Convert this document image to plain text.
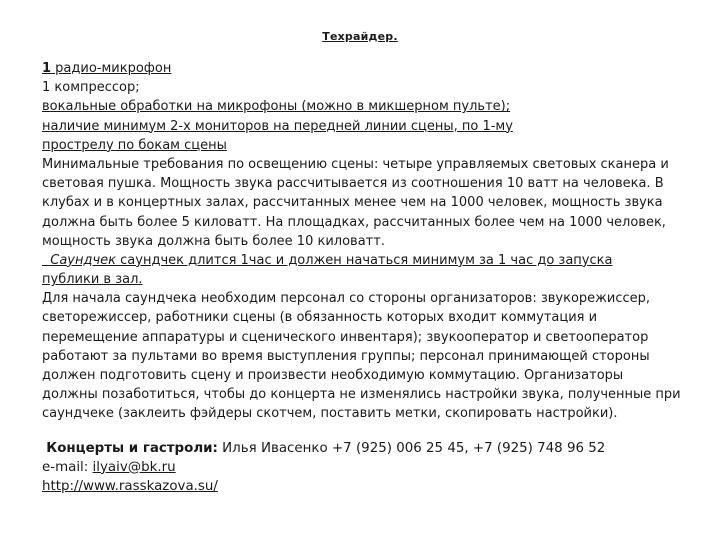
Техрайдер.
1 радио-микрофон
1 компрессор;
вокальные обработки на микрофоны (можно в микшерном пульте);
наличие минимум 2-х мониторов на передней линии сцены, по 1-му
прострелу по бокам сцены
Минимальные требования по освещению сцены: четыре управляемых световых сканера и
световая пушка. Мощность звука рассчитывается из соотношения 10 ватт на человека. В
клубах и в концертных залах, рассчитанных менее чем на 1000 человек, мощность звука
должна быть более 5 киловатт. На площадках, рассчитанных более чем на 1000 человек,
мощность звука должна быть более 10 киловатт.
Саундчек саундчек длится 1час и должен начаться минимум за 1 час до запуска
публики в зал.
Для начала саундчека необходим персонал со стороны организаторов: звукорежиссер,
светорежиссер, работники сцены (в обязанность которых входит коммутация и
перемещение аппаратуры и сценического инвентаря); звукооператор и светооператор
работают за пультами во время выступления группы; персонал принимающей стороны
должен подготовить сцену и произвести необходимую коммутацию. Организаторы
должны позаботиться, чтобы до концерта не изменялись настройки звука, полученные при
саундчеке (заклеить фэйдеры скотчем, поставить метки, скопировать настройки).
Концерты и гастроли: Илья Ивасенко +7 (925) 006 25 45, +7 (925) 748 96 52
e-mail: ilyaiv@bk.ru
http://www.rasskazova.su/
